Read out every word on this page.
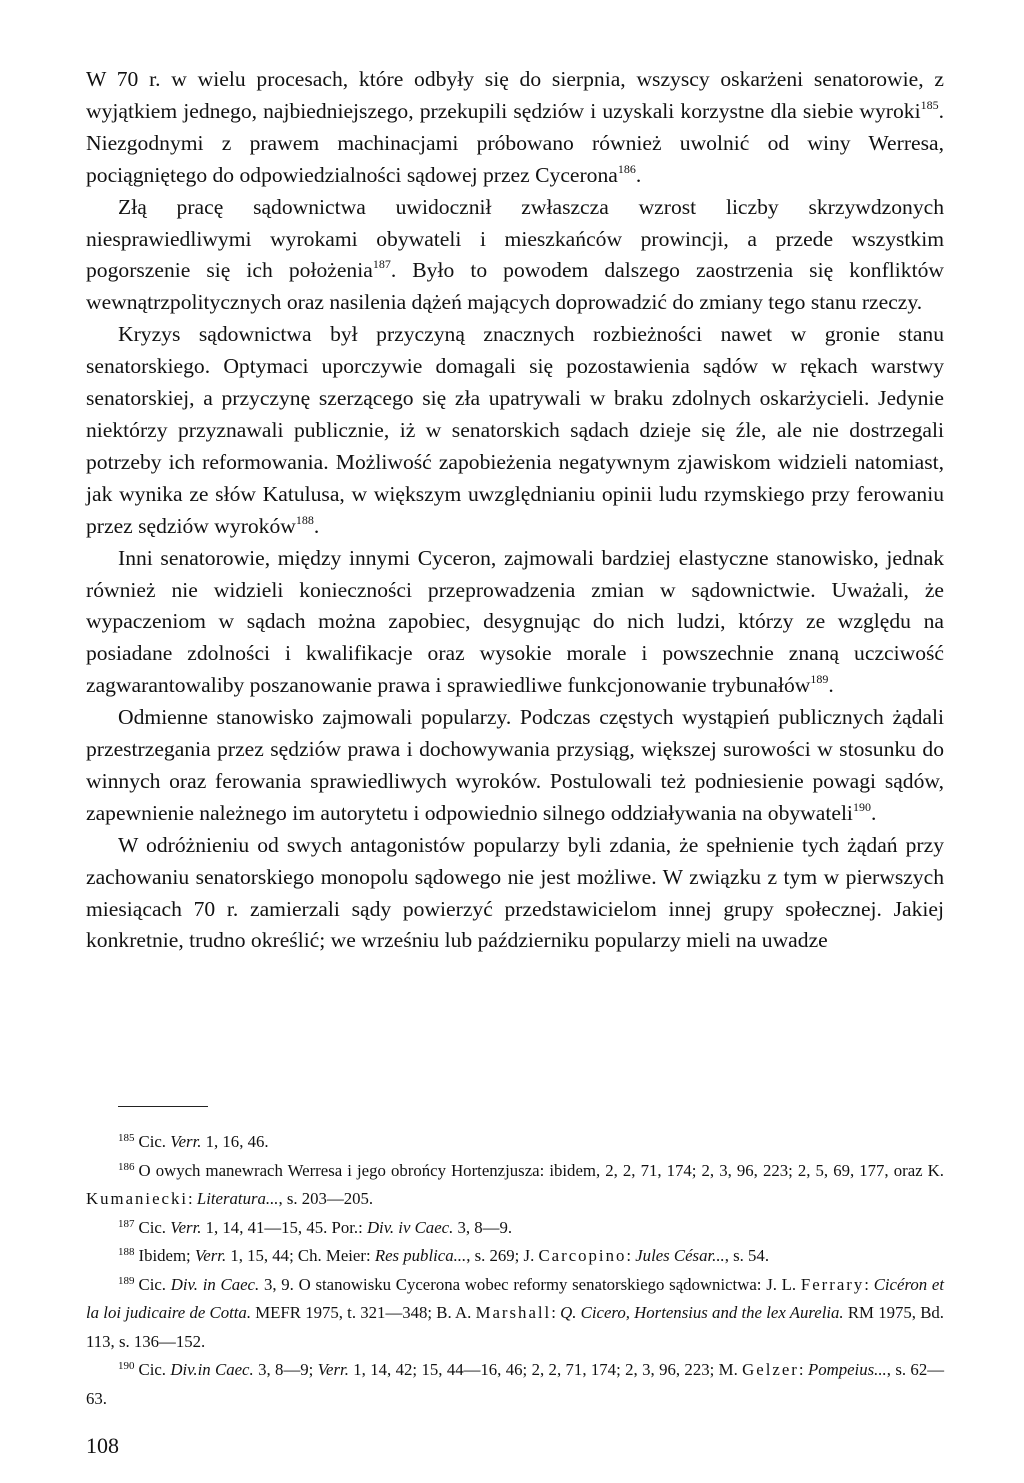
W 70 r. w wielu procesach, które odbyły się do sierpnia, wszyscy oskarżeni senatorowie, z wyjątkiem jednego, najbiedniejszego, przekupili sędziów i uzyskali korzystne dla siebie wyroki$^{185}$. Niezgodnymi z prawem machinacjami próbowano również uwolnić od winy Werresa, pociągniętego do odpowiedzialności sądowej przez Cycerona$^{186}$.

Złą pracę sądownictwa uwidocznił zwłaszcza wzrost liczby skrzywdzonych niesprawiedliwymi wyrokami obywateli i mieszkańców prowincji, a przede wszystkim pogorszenie się ich położenia$^{187}$. Było to powodem dalszego zaostrzenia się konfliktów wewnątrzpolitycznych oraz nasilenia dążeń mających doprowadzić do zmiany tego stanu rzeczy.

Kryzys sądownictwa był przyczyną znacznych rozbieżności nawet w gronie stanu senatorskiego. Optymaci uporczywie domagali się pozostawienia sądów w rękach warstwy senatorskiej, a przyczynę szerzącego się zła upatrywali w braku zdolnych oskarżycieli. Jedynie niektórzy przyznawali publicznie, iż w senatorskich sądach dzieje się źle, ale nie dostrzegali potrzeby ich reformowania. Możliwość zapobieżenia negatywnym zjawiskom widzieli natomiast, jak wynika ze słów Katulusa, w większym uwzględnianiu opinii ludu rzymskiego przy ferowaniu przez sędziów wyroków$^{188}$.

Inni senatorowie, między innymi Cyceron, zajmowali bardziej elastyczne stanowisko, jednak również nie widzieli konieczności przeprowadzenia zmian w sądownictwie. Uważali, że wypaczeniom w sądach można zapobiec, desygnując do nich ludzi, którzy ze względu na posiadane zdolności i kwalifikacje oraz wysokie morale i powszechnie znaną uczciwość zagwarantowaliby poszanowanie prawa i sprawiedliwe funkcjonowanie trybunałów$^{189}$.

Odmienne stanowisko zajmowali popularzy. Podczas częstych wystąpień publicznych żądali przestrzegania przez sędziów prawa i dochowywania przysiąg, większej surowości w stosunku do winnych oraz ferowania sprawiedliwych wyroków. Postulowali też podniesienie powagi sądów, zapewnienie należnego im autorytetu i odpowiednio silnego oddziaływania na obywateli$^{190}$.

W odróżnieniu od swych antagonistów popularzy byli zdania, że spełnienie tych żądań przy zachowaniu senatorskiego monopolu sądowego nie jest możliwe. W związku z tym w pierwszych miesiącach 70 r. zamierzali sądy powierzyć przedstawicielom innej grupy społecznej. Jakiej konkretnie, trudno określić; we wrześniu lub październiku popularzy mieli na uwadze

$^{185}$ Cic. Verr. 1, 16, 46.

$^{186}$ O owych manewrach Werresa i jego obrońcy Hortenzjusza: ibidem, 2, 2, 71, 174; 2, 3, 96, 223; 2, 5, 69, 177, oraz K. Kumaniecki: Literatura..., s. 203—205.

$^{187}$ Cic. Verr. 1, 14, 41—15, 45. Por.: Div. iv Caec. 3, 8—9.

$^{188}$ Ibidem; Verr. 1, 15, 44; Ch. Meier: Res publica..., s. 269; J. Carcopino: Jules César..., s. 54.

$^{189}$ Cic. Div. in Caec. 3, 9. O stanowisku Cycerona wobec reformy senatorskiego sądownictwa: J. L. Ferrary: Cicéron et la loi judicaire de Cotta. MEFR 1975, t. 321—348; B. A. Marshall: Q. Cicero, Hortensius and the lex Aurelia. RM 1975, Bd. 113, s. 136—152.

$^{190}$ Cic. Div.in Caec. 3, 8—9; Verr. 1, 14, 42; 15, 44—16, 46; 2, 2, 71, 174; 2, 3, 96, 223; M. Gelzer: Pompeius..., s. 62—63.

108
